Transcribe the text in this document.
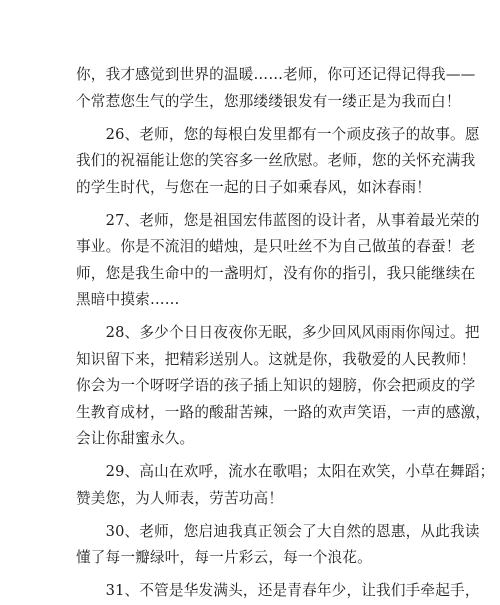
你，我才感觉到世界的温暖……老师，你可还记得记得我——
个常惹您生气的学生，您那缕缕银发有一缕正是为我而白！

　　26、老师，您的每根白发里都有一个顽皮孩子的故事。愿
我们的祝福能让您的笑容多一丝欣慰。老师，您的关怀充满我
的学生时代，与您在一起的日子如乘春风，如沐春雨！

　　27、老师，您是祖国宏伟蓝图的设计者，从事着最光荣的
事业。你是不流泪的蜡烛，是只吐丝不为自己做茧的春蚕！老
师，您是我生命中的一盏明灯，没有你的指引，我只能继续在
黑暗中摸索……

　　28、多少个日日夜夜你无眠，多少回风风雨雨你闯过。把
知识留下来，把精彩送别人。这就是你，我敬爱的人民教师！
你会为一个呀呀学语的孩子插上知识的翅膀，你会把顽皮的学
生教育成材，一路的酸甜苦辣，一路的欢声笑语，一声的感激，
会让你甜蜜永久。

　　29、高山在欢呼，流水在歌唱；太阳在欢笑，小草在舞蹈；
赞美您，为人师表，劳苦功高！

　　30、老师，您启迪我真正领会了大自然的恩惠，从此我读
懂了每一瓣绿叶，每一片彩云，每一个浪花。

　　31、不管是华发满头，还是青春年少，让我们手牵起手，
